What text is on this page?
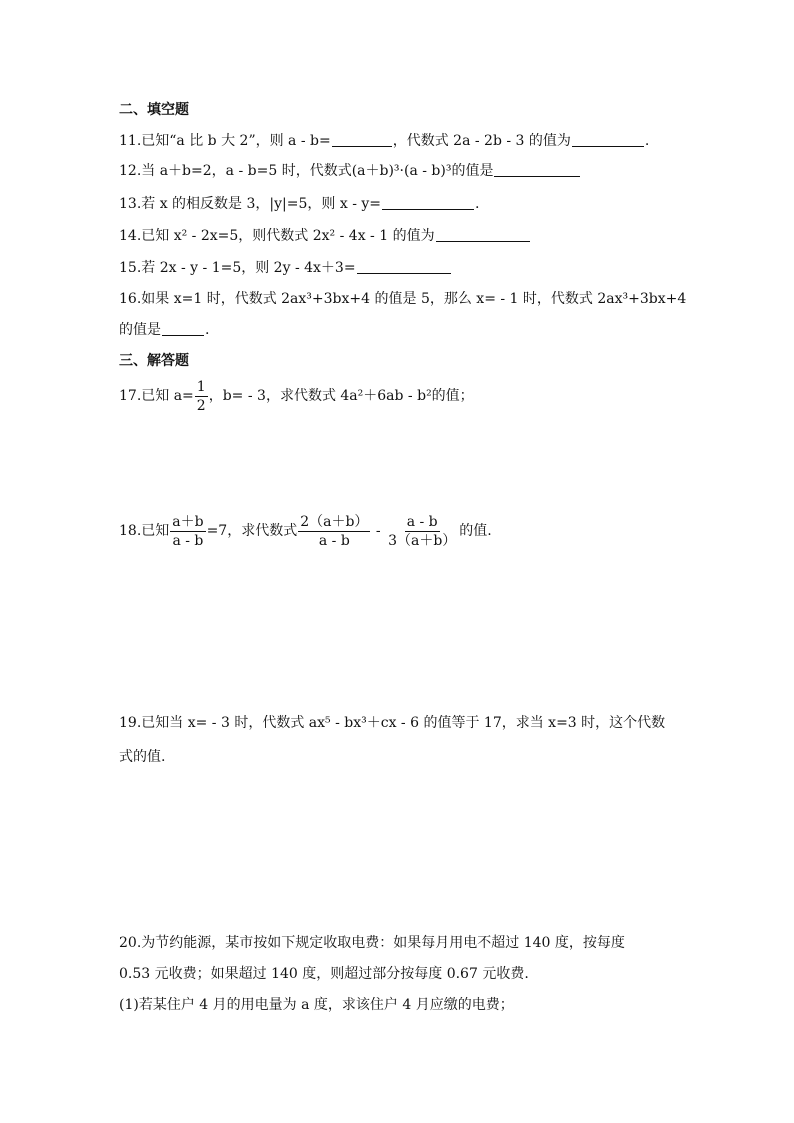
二、填空题
11.已知“a 比 b 大 2”，则 a - b=	，代数式 2a - 2b - 3 的值为	.
12.当 a＋b=2，a - b=5 时，代数式(a＋b)³·(a - b)³的值是
13.若 x 的相反数是 3，|y|=5，则 x - y=	.
14.已知 x² - 2x=5，则代数式 2x² - 4x - 1 的值为
15.若 2x - y - 1=5，则 2y - 4x＋3=
16.如果 x=1 时，代数式 2ax³+3bx+4 的值是 5，那么 x= - 1 时，代数式 2ax³+3bx+4
的值是	.
三、解答题
17.已知 $a= \frac{1}{2}$ ，b= - 3，求代数式 4a²＋6ab - b²的值；
18.已知 $\frac{a+b}{a - b} =7$，求代数式 $\frac{2(a+b)}{a - b} - \frac{a - b}{3(a+b)}$ 的值.
19.已知当 x= - 3 时，代数式 ax⁵ - bx³＋cx - 6 的值等于 17，求当 x=3 时，这个代数
式的值.
20.为节约能源，某市按如下规定收取电费：如果每月用电不超过 140 度，按每度
0.53 元收费；如果超过 140 度，则超过部分按每度 0.67 元收费.
(1)若某住户 4 月的用电量为 a 度，求该住户 4 月应缴的电费；
